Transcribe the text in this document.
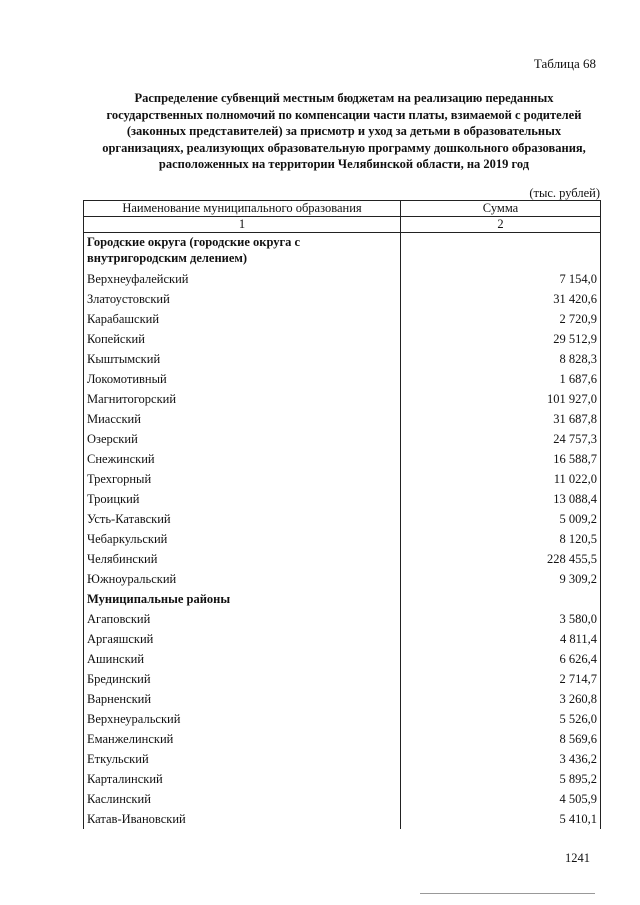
Таблица 68
Распределение субвенций местным бюджетам на реализацию переданных государственных полномочий по компенсации части платы, взимаемой с родителей (законных представителей) за присмотр и уход за детьми в образовательных организациях, реализующих образовательную программу дошкольного образования, расположенных на территории Челябинской области, на 2019 год
(тыс. рублей)
Наименование муниципального образования	Сумма
1	2
Городские округа (городские округа с внутригородским делением)	
Верхнеуфалейский	7 154,0
Златоустовский	31 420,6
Карабашский	2 720,9
Копейский	29 512,9
Кыштымский	8 828,3
Локомотивный	1 687,6
Магнитогорский	101 927,0
Миасский	31 687,8
Озерский	24 757,3
Снежинский	16 588,7
Трехгорный	11 022,0
Троицкий	13 088,4
Усть-Катавский	5 009,2
Чебаркульский	8 120,5
Челябинский	228 455,5
Южноуральский	9 309,2
Муниципальные районы	
Агаповский	3 580,0
Аргаяшский	4 811,4
Ашинский	6 626,4
Брединский	2 714,7
Варненский	3 260,8
Верхнеуральский	5 526,0
Еманжелинский	8 569,6
Еткульский	3 436,2
Карталинский	5 895,2
Каслинский	4 505,9
Катав-Ивановский	5 410,1
1241
